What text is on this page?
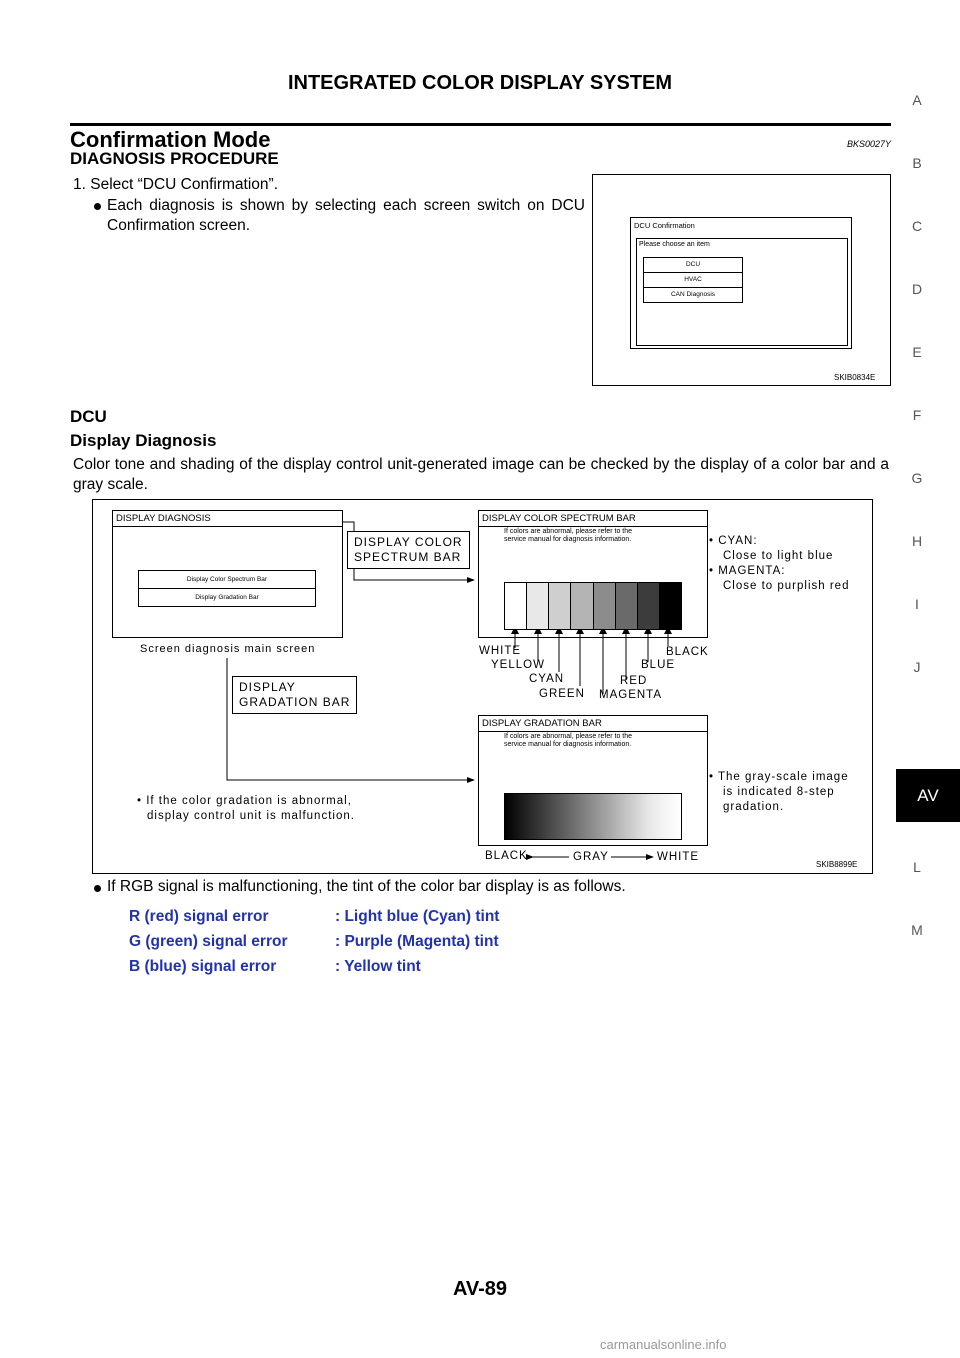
INTEGRATED COLOR DISPLAY SYSTEM
Confirmation Mode	BKS0027Y
DIAGNOSIS PROCEDURE
1. Select “DCU Confirmation”.
Each diagnosis is shown by selecting each screen switch on DCU Confirmation screen.	DCU Confirmation
Please choose an item
DCU
HVAC
CAN Diagnosis
SKIB0834E
DCU
Display Diagnosis
Color tone and shading of the display control unit-generated image can be checked by the display of a color bar and a gray scale.
DISPLAY DIAGNOSIS
Display Color Spectrum Bar
Display Gradation Bar
Screen diagnosis main screen
DISPLAY COLOR
SPECTRUM BAR
DISPLAY
GRADATION BAR
DISPLAY COLOR SPECTRUM BAR
If colors are abnormal, please refer to the
service manual for diagnosis information.
WHITE
YELLOW
CYAN
GREEN
RED
MAGENTA
BLUE
BLACK
• CYAN:
Close to light blue
• MAGENTA:
Close to purplish red
DISPLAY GRADATION BAR
If colors are abnormal, please refer to the
service manual for diagnosis information.
• The gray-scale image
is indicated 8-step
gradation.
• If the color gradation is abnormal,
display control unit is malfunction.
BLACK	GRAY	WHITE
SKIB8899E
If RGB signal is malfunctioning, the tint of the color bar display is as follows.
R (red) signal error	: Light blue (Cyan) tint
G (green) signal error	: Purple (Magenta) tint
B (blue) signal error	: Yellow tint
A
B
C
D
E
F
G
H
I
J
AV
L
M
AV-89
carmanualsonline.info
